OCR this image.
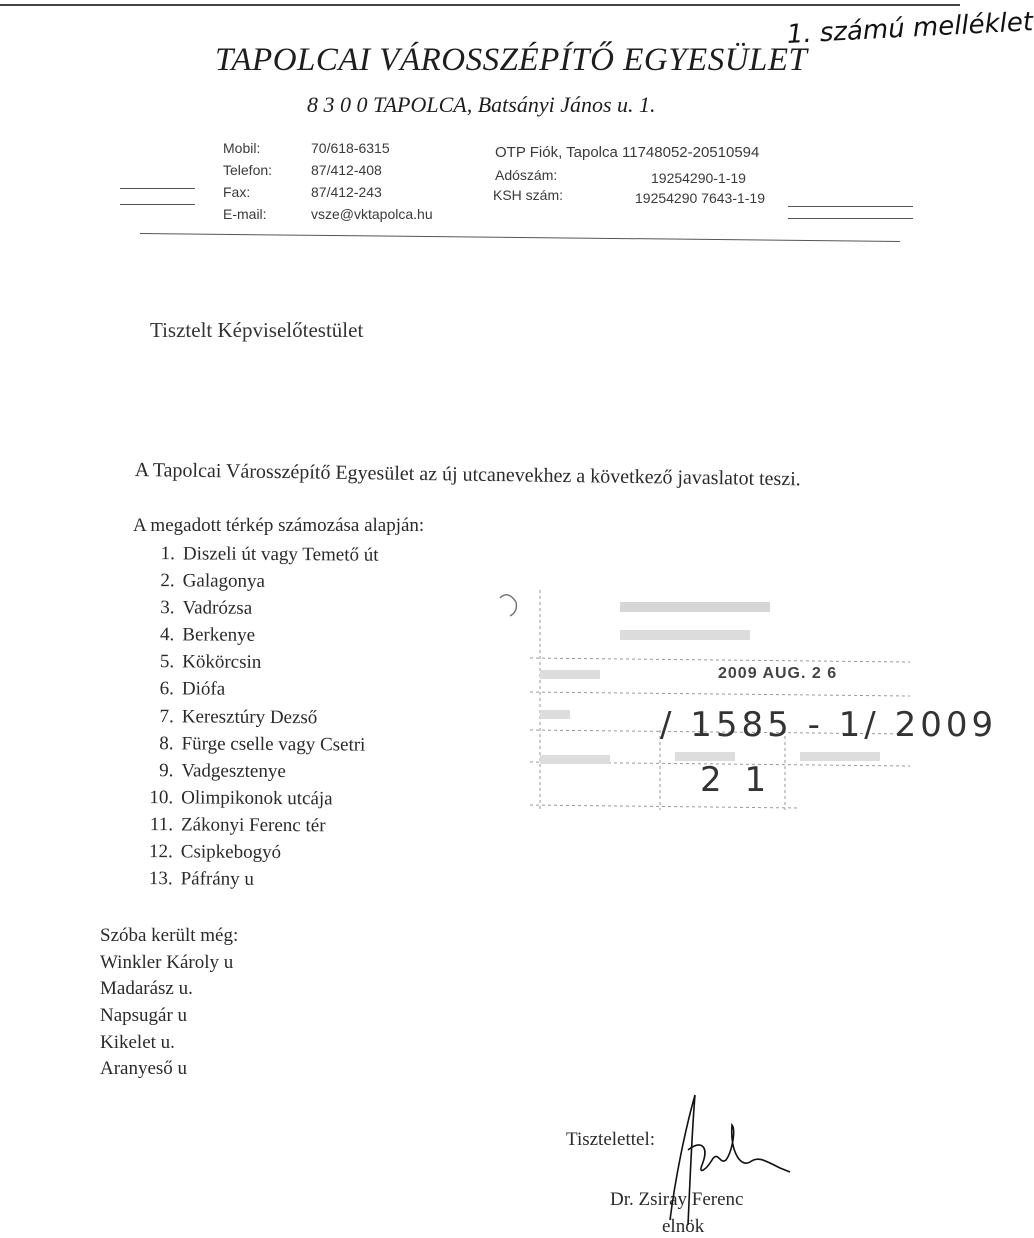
TAPOLCAI VÁROSSZÉPÍTŐ EGYESÜLET
8 3 0 0 TAPOLCA, Batsányi János u. 1.
1. számú melléklet
Mobil:	70/618-6315
Telefon:	87/412-408
Fax:	87/412-243
E-mail:	vsze@vktapolca.hu
OTP Fiók, Tapolca 11748052-20510594
Adószám:	19254290-1-19
KSH szám:	19254290 7643-1-19
Tisztelt Képviselőtestület
A Tapolcai Városszépítő Egyesület az új utcanevekhez a következő javaslatot teszi.
A megadott térkép számozása alapján:
1. Diszeli út vagy Temető út
2. Galagonya
3. Vadrózsa
4. Berkenye
5. Kökörcsin
6. Diófa
7. Keresztúry Dezső
8. Fürge cselle vagy Csetri
9. Vadgesztenye
10. Olimpikonok utcája
11. Zákonyi Ferenc tér
12. Csipkebogyó
13. Páfrány u
Szóba került még:
Winkler Károly u
Madarász u.
Napsugár u
Kikelet u.
Aranyeső u
2009 AUG. 2 6
/ 1585 - 1/ 2009
2 1
Tisztelettel:
Dr. Zsiray Ferenc
elnök
